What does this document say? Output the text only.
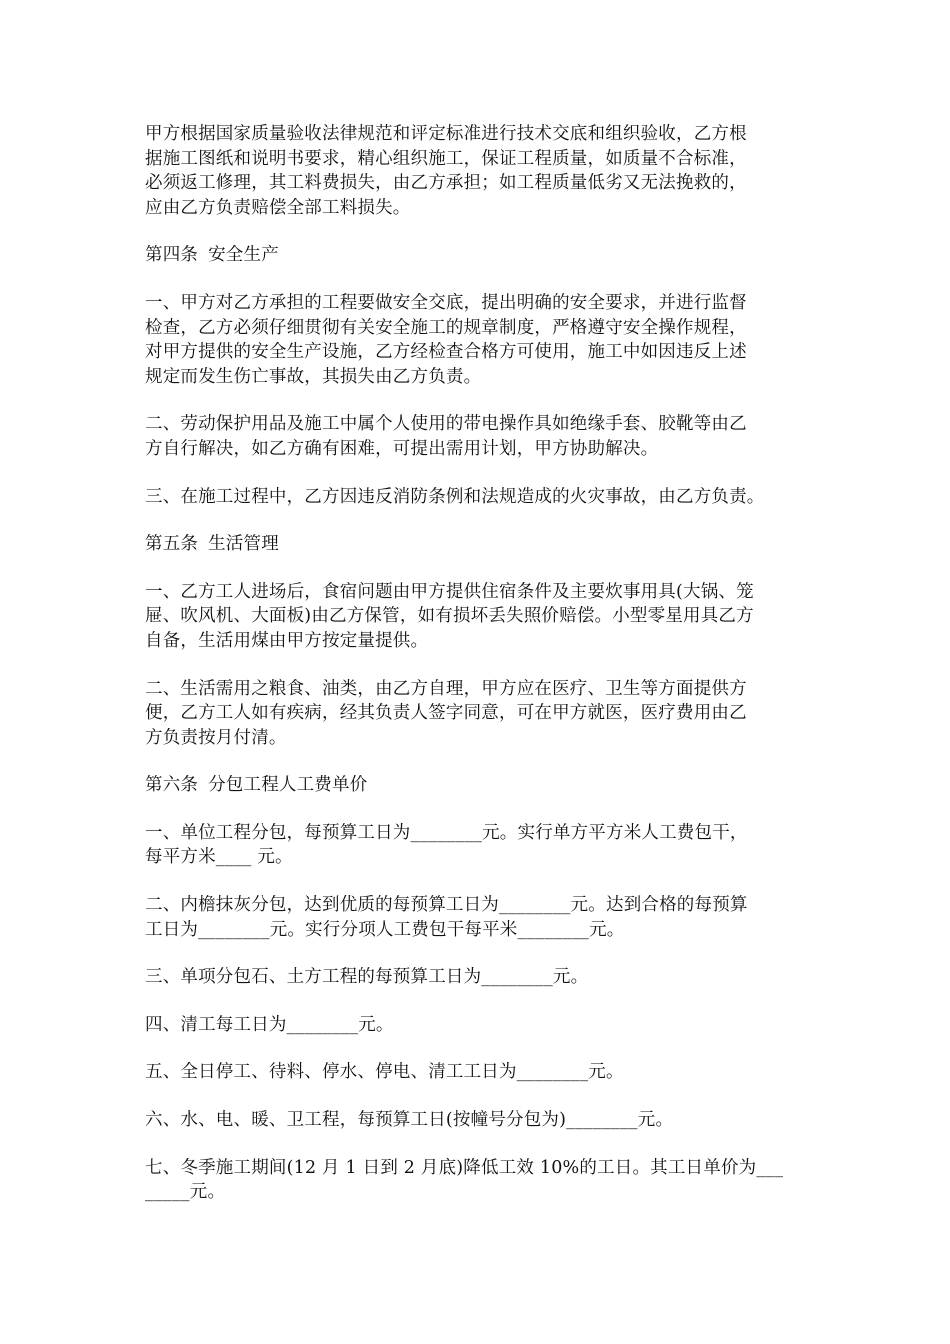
甲方根据国家质量验收法律规范和评定标准进行技术交底和组织验收，乙方根
据施工图纸和说明书要求，精心组织施工，保证工程质量，如质量不合标准，
必须返工修理，其工料费损失，由乙方承担；如工程质量低劣又无法挽救的，
应由乙方负责赔偿全部工料损失。
第四条 安全生产
一、甲方对乙方承担的工程要做安全交底，提出明确的安全要求，并进行监督
检查，乙方必须仔细贯彻有关安全施工的规章制度，严格遵守安全操作规程，
对甲方提供的安全生产设施，乙方经检查合格方可使用，施工中如因违反上述
规定而发生伤亡事故，其损失由乙方负责。
二、劳动保护用品及施工中属个人使用的带电操作具如绝缘手套、胶靴等由乙
方自行解决，如乙方确有困难，可提出需用计划，甲方协助解决。
三、在施工过程中，乙方因违反消防条例和法规造成的火灾事故，由乙方负责。
第五条 生活管理
一、乙方工人进场后，食宿问题由甲方提供住宿条件及主要炊事用具(大锅、笼
屉、吹风机、大面板)由乙方保管，如有损坏丢失照价赔偿。小型零星用具乙方
自备，生活用煤由甲方按定量提供。
二、生活需用之粮食、油类，由乙方自理，甲方应在医疗、卫生等方面提供方
便，乙方工人如有疾病，经其负责人签字同意，可在甲方就医，医疗费用由乙
方负责按月付清。
第六条 分包工程人工费单价
一、单位工程分包，每预算工日为________元。实行单方平方米人工费包干，
每平方米____ 元。
二、内檐抹灰分包，达到优质的每预算工日为________元。达到合格的每预算
工日为________元。实行分项人工费包干每平米________元。
三、单项分包石、土方工程的每预算工日为________元。
四、清工每工日为________元。
五、全日停工、待料、停水、停电、清工工日为________元。
六、水、电、暖、卫工程，每预算工日(按幢号分包为)________元。
七、冬季施工期间(12 月 1 日到 2 月底)降低工效 10%的工日。其工日单价为___
_____元。
